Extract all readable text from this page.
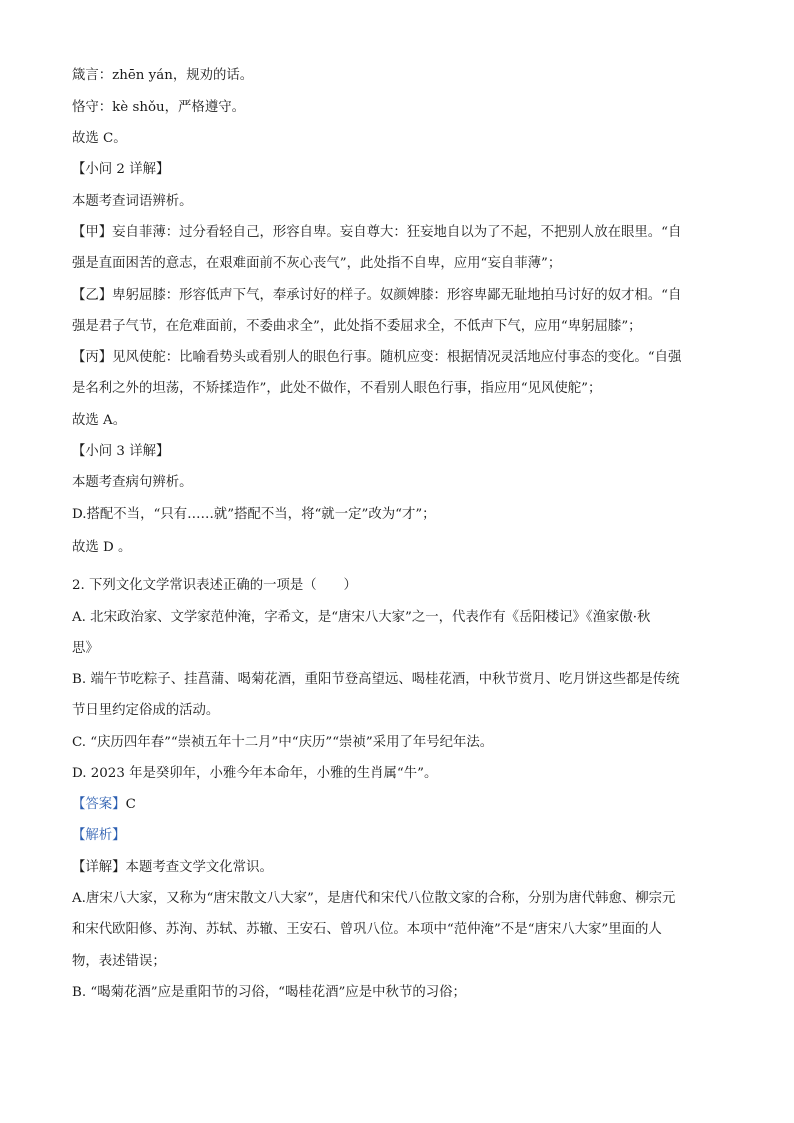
箴言：zhēn yán，规劝的话。
恪守：kè shǒu，严格遵守。
故选 C。
【小问 2 详解】
本题考查词语辨析。
【甲】妄自菲薄：过分看轻自己，形容自卑。妄自尊大：狂妄地自以为了不起，不把别人放在眼里。“自
强是直面困苦的意志，在艰难面前不灰心丧气”，此处指不自卑，应用“妄自菲薄”；
【乙】卑躬屈膝：形容低声下气，奉承讨好的样子。奴颜婢膝：形容卑鄙无耻地拍马讨好的奴才相。“自
强是君子气节，在危难面前，不委曲求全”，此处指不委屈求全，不低声下气，应用“卑躬屈膝”；
【丙】见风使舵：比喻看势头或看别人的眼色行事。随机应变：根据情况灵活地应付事态的变化。“自强
是名利之外的坦荡，不矫揉造作”，此处不做作，不看别人眼色行事，指应用“见风使舵”；
故选 A。
【小问 3 详解】
本题考查病句辨析。
D.搭配不当，“只有……就”搭配不当，将“就一定”改为“才”；
故选 D 。
2. 下列文化文学常识表述正确的一项是（　　）
A. 北宋政治家、文学家范仲淹，字希文，是“唐宋八大家”之一，代表作有《岳阳楼记》《渔家傲·秋
思》
B. 端午节吃粽子、挂菖蒲、喝菊花酒，重阳节登高望远、喝桂花酒，中秋节赏月、吃月饼这些都是传统
节日里约定俗成的活动。
C. “庆历四年春”“崇祯五年十二月”中“庆历”“崇祯”采用了年号纪年法。
D. 2023 年是癸卯年，小雅今年本命年，小雅的生肖属“牛”。
【答案】C
【解析】
【详解】本题考查文学文化常识。
A.唐宋八大家，又称为“唐宋散文八大家”，是唐代和宋代八位散文家的合称，分别为唐代韩愈、柳宗元
和宋代欧阳修、苏洵、苏轼、苏辙、王安石、曾巩八位。本项中“范仲淹”不是“唐宋八大家”里面的人
物，表述错误；
B. “喝菊花酒”应是重阳节的习俗，“喝桂花酒”应是中秋节的习俗；
